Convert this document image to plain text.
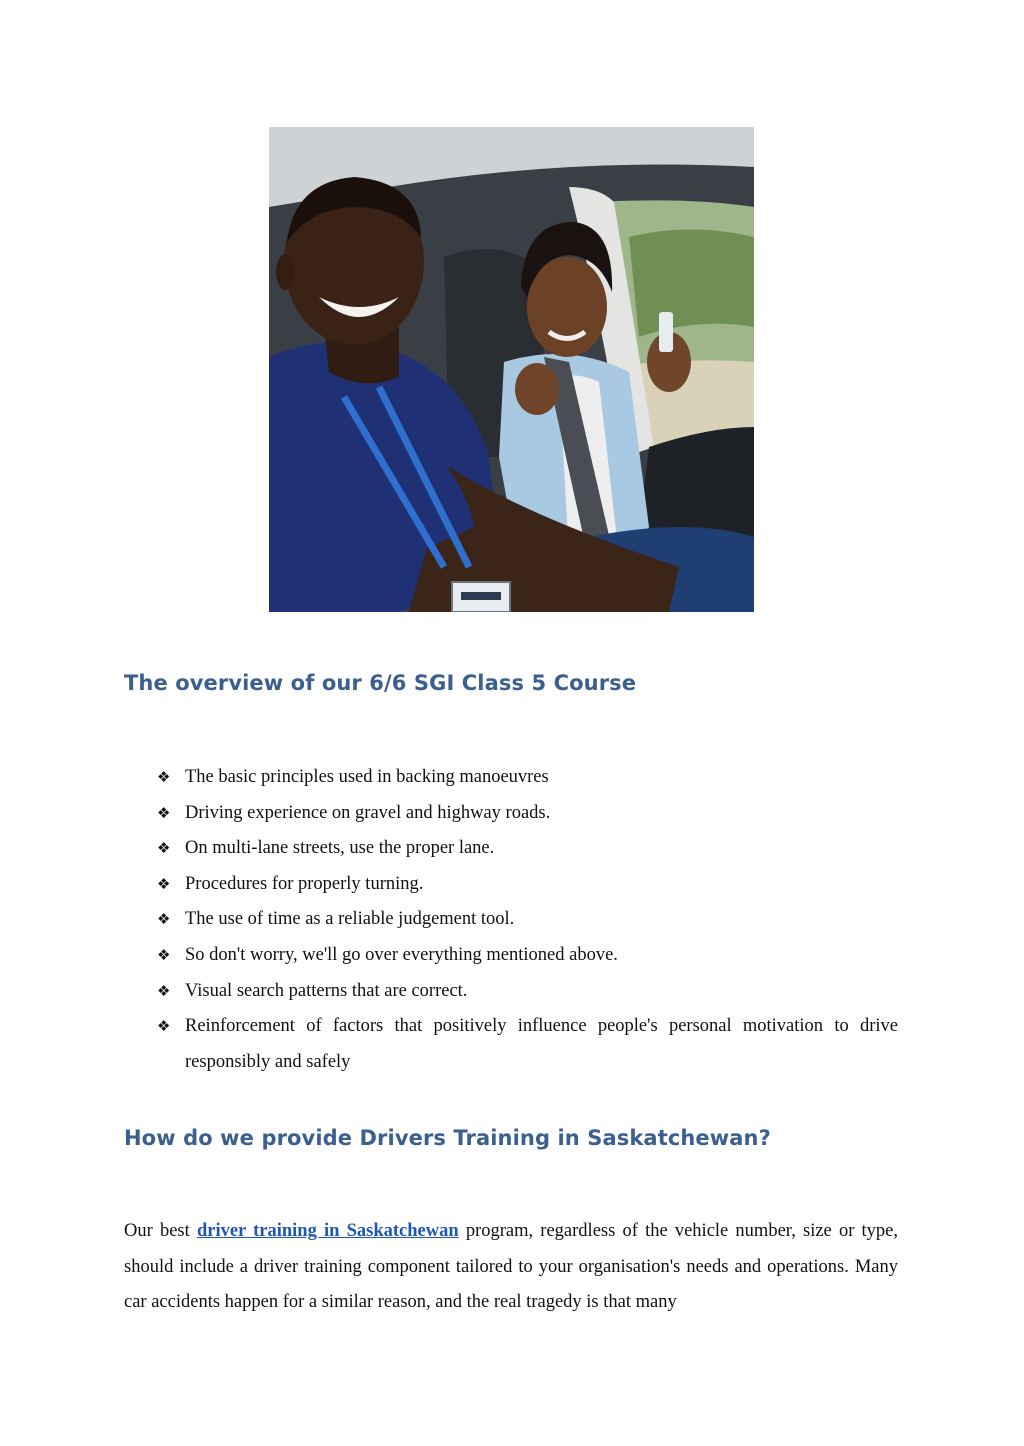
The overview of our 6/6 SGI Class 5 Course
❖ The basic principles used in backing manoeuvres
❖ Driving experience on gravel and highway roads.
❖ On multi-lane streets, use the proper lane.
❖ Procedures for properly turning.
❖ The use of time as a reliable judgement tool.
❖ So don't worry, we'll go over everything mentioned above.
❖ Visual search patterns that are correct.
❖ Reinforcement of factors that positively influence people's personal motivation to drive responsibly and safely
How do we provide Drivers Training in Saskatchewan?

Our best driver training in Saskatchewan program, regardless of the vehicle number, size or type, should include a driver training component tailored to your organisation's needs and operations. Many car accidents happen for a similar reason, and the real tragedy is that many
